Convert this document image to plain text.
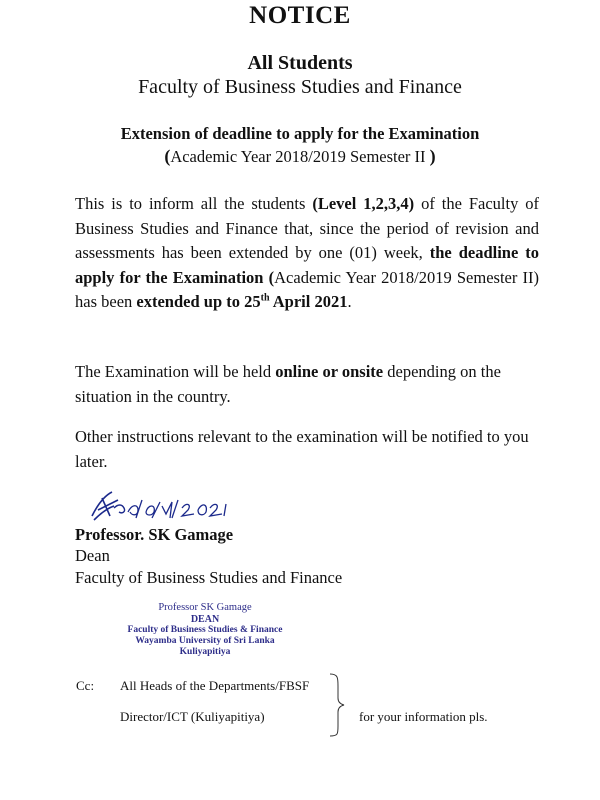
NOTICE
All Students
Faculty of Business Studies and Finance
Extension of deadline to apply for the Examination
(Academic Year 2018/2019 Semester II )
This is to inform all the students (Level 1,2,3,4) of the Faculty of Business Studies and Finance that, since the period of revision and assessments has been extended by one (01) week, the deadline to apply for the Examination (Academic Year 2018/2019 Semester II) has been extended up to 25th April 2021.
The Examination will be held online or onsite depending on the situation in the country.
Other instructions relevant to the examination will be notified to you later.
Professor. SK Gamage
Dean
Faculty of Business Studies and Finance
Professor SK Gamage
DEAN
Faculty of Business Studies & Finance
Wayamba University of Sri Lanka
Kuliyapitiya
Cc: All Heads of the Departments/FBSF
Director/ICT (Kuliyapitiya)	for your information pls.
